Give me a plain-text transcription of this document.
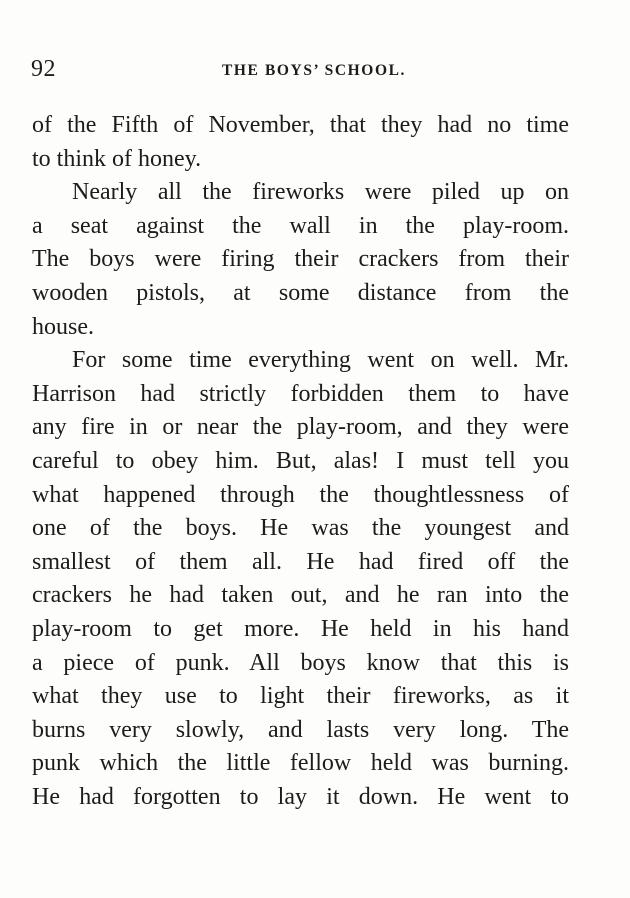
92	THE BOYS’ SCHOOL.
of the Fifth of November, that they had no time
to think of honey.
Nearly all the fireworks were piled up on
a seat against the wall in the play-room.
The boys were firing their crackers from their
wooden pistols, at some distance from the
house.
For some time everything went on well. Mr.
Harrison had strictly forbidden them to have
any fire in or near the play-room, and they were
careful to obey him. But, alas! I must tell you
what happened through the thoughtlessness of
one of the boys. He was the youngest and
smallest of them all. He had fired off the
crackers he had taken out, and he ran into the
play-room to get more. He held in his hand
a piece of punk. All boys know that this is
what they use to light their fireworks, as it
burns very slowly, and lasts very long. The
punk which the little fellow held was burning.
He had forgotten to lay it down. He went to
